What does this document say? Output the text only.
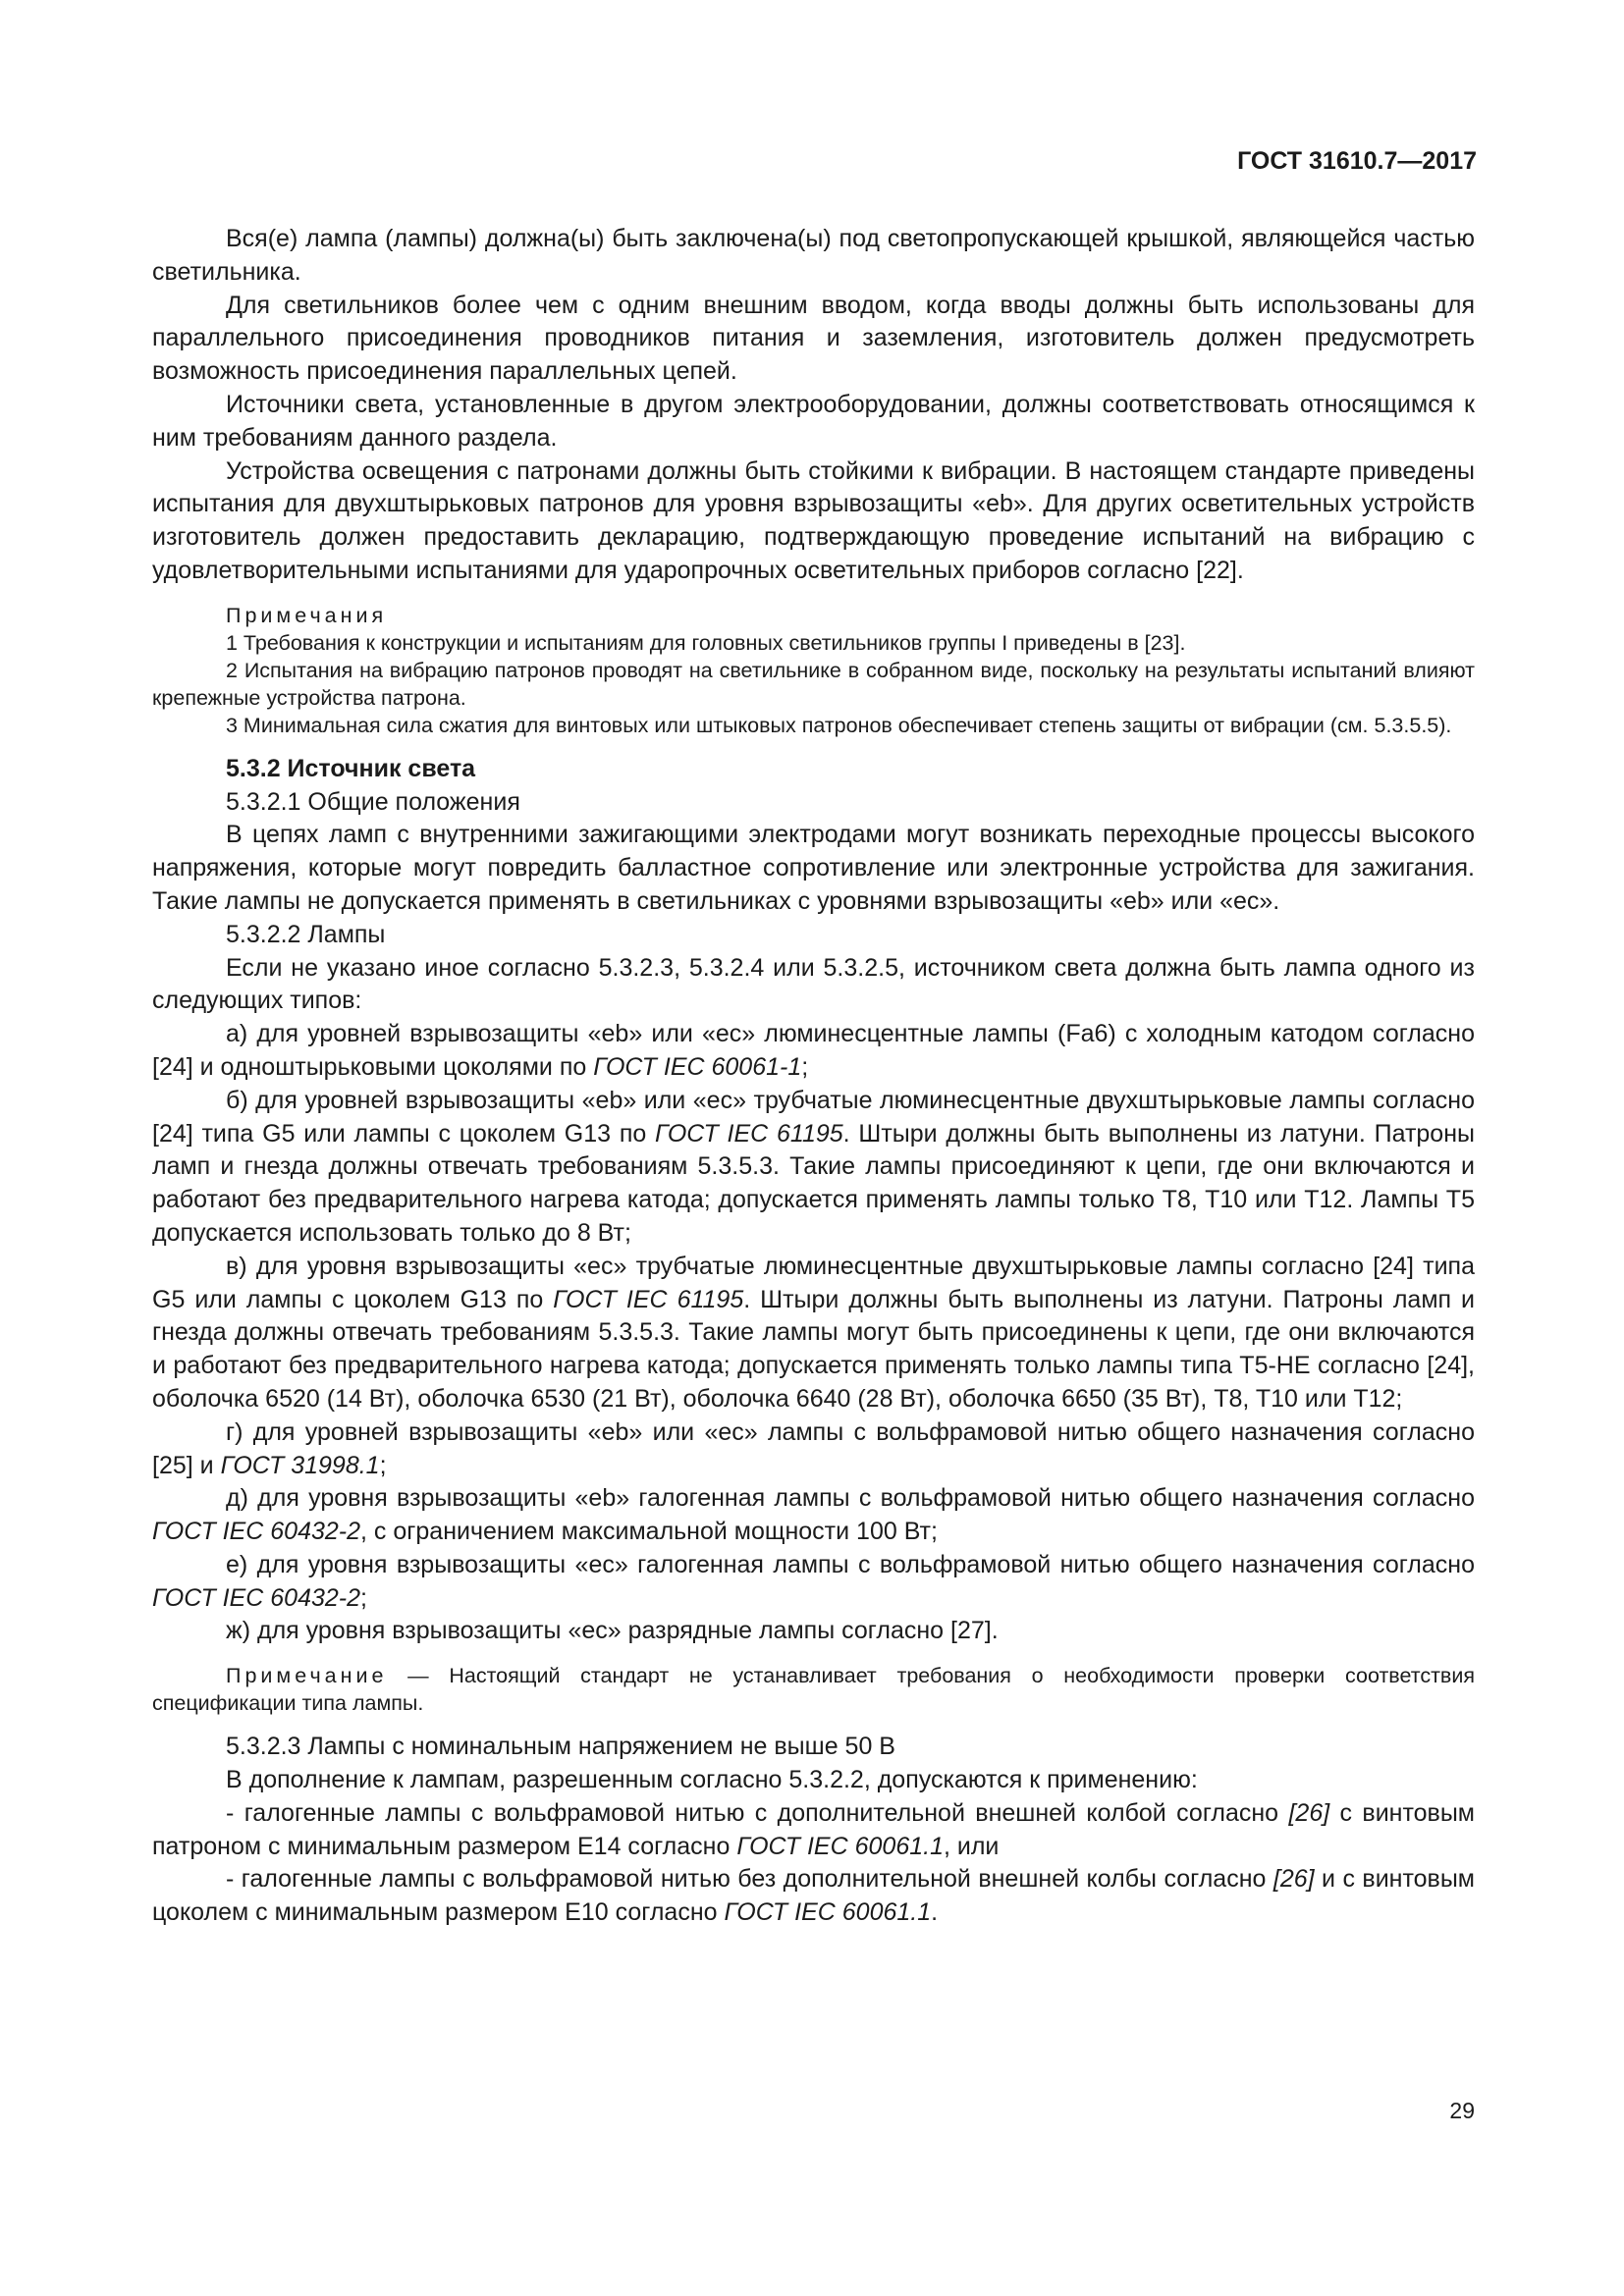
ГОСТ 31610.7—2017

Вся(е) лампа (лампы) должна(ы) быть заключена(ы) под светопропускающей крышкой, являющейся частью светильника.

Для светильников более чем с одним внешним вводом, когда вводы должны быть использованы для параллельного присоединения проводников питания и заземления, изготовитель должен предусмотреть возможность присоединения параллельных цепей.

Источники света, установленные в другом электрооборудовании, должны соответствовать относящимся к ним требованиям данного раздела.

Устройства освещения с патронами должны быть стойкими к вибрации. В настоящем стандарте приведены испытания для двухштырьковых патронов для уровня взрывозащиты «eb». Для других осветительных устройств изготовитель должен предоставить декларацию, подтверждающую проведение испытаний на вибрацию с удовлетворительными испытаниями для ударопрочных осветительных приборов согласно [22].

Примечания

1 Требования к конструкции и испытаниям для головных светильников группы I приведены в [23].

2 Испытания на вибрацию патронов проводят на светильнике в собранном виде, поскольку на результаты испытаний влияют крепежные устройства патрона.

3 Минимальная сила сжатия для винтовых или штыковых патронов обеспечивает степень защиты от вибрации (см. 5.3.5.5).

5.3.2 Источник света

5.3.2.1 Общие положения

В цепях ламп с внутренними зажигающими электродами могут возникать переходные процессы высокого напряжения, которые могут повредить балластное сопротивление или электронные устройства для зажигания. Такие лампы не допускается применять в светильниках с уровнями взрывозащиты «eb» или «ec».

5.3.2.2 Лампы

Если не указано иное согласно 5.3.2.3, 5.3.2.4 или 5.3.2.5, источником света должна быть лампа одного из следующих типов:

а) для уровней взрывозащиты «eb» или «ec» люминесцентные лампы (Fa6) с холодным катодом согласно [24] и одноштырьковыми цоколями по ГОСТ IEC 60061-1;

б) для уровней взрывозащиты «eb» или «ec» трубчатые люминесцентные двухштырьковые лампы согласно [24] типа G5 или лампы с цоколем G13 по ГОСТ IEC 61195. Штыри должны быть выполнены из латуни. Патроны ламп и гнезда должны отвечать требованиям 5.3.5.3. Такие лампы присоединяют к цепи, где они включаются и работают без предварительного нагрева катода; допускается применять лампы только T8, T10 или T12. Лампы T5 допускается использовать только до 8 Вт;

в) для уровня взрывозащиты «ec» трубчатые люминесцентные двухштырьковые лампы согласно [24] типа G5 или лампы с цоколем G13 по ГОСТ IEC 61195. Штыри должны быть выполнены из латуни. Патроны ламп и гнезда должны отвечать требованиям 5.3.5.3. Такие лампы могут быть присоединены к цепи, где они включаются и работают без предварительного нагрева катода; допускается применять только лампы типа T5-HE согласно [24], оболочка 6520 (14 Вт), оболочка 6530 (21 Вт), оболочка 6640 (28 Вт), оболочка 6650 (35 Вт), T8, T10 или T12;

г) для уровней взрывозащиты «eb» или «ec» лампы с вольфрамовой нитью общего назначения согласно [25] и ГОСТ 31998.1;

д) для уровня взрывозащиты «eb» галогенная лампы с вольфрамовой нитью общего назначения согласно ГОСТ IEC 60432-2, с ограничением максимальной мощности 100 Вт;

е) для уровня взрывозащиты «ec» галогенная лампы с вольфрамовой нитью общего назначения согласно ГОСТ IEC 60432-2;

ж) для уровня взрывозащиты «ec» разрядные лампы согласно [27].

Примечание — Настоящий стандарт не устанавливает требования о необходимости проверки соответствия спецификации типа лампы.

5.3.2.3 Лампы с номинальным напряжением не выше 50 В

В дополнение к лампам, разрешенным согласно 5.3.2.2, допускаются к применению:

- галогенные лампы с вольфрамовой нитью с дополнительной внешней колбой согласно [26] с винтовым патроном с минимальным размером E14 согласно ГОСТ IEC 60061.1, или

- галогенные лампы с вольфрамовой нитью без дополнительной внешней колбы согласно [26] и с винтовым цоколем с минимальным размером E10 согласно ГОСТ IEC 60061.1.

29
